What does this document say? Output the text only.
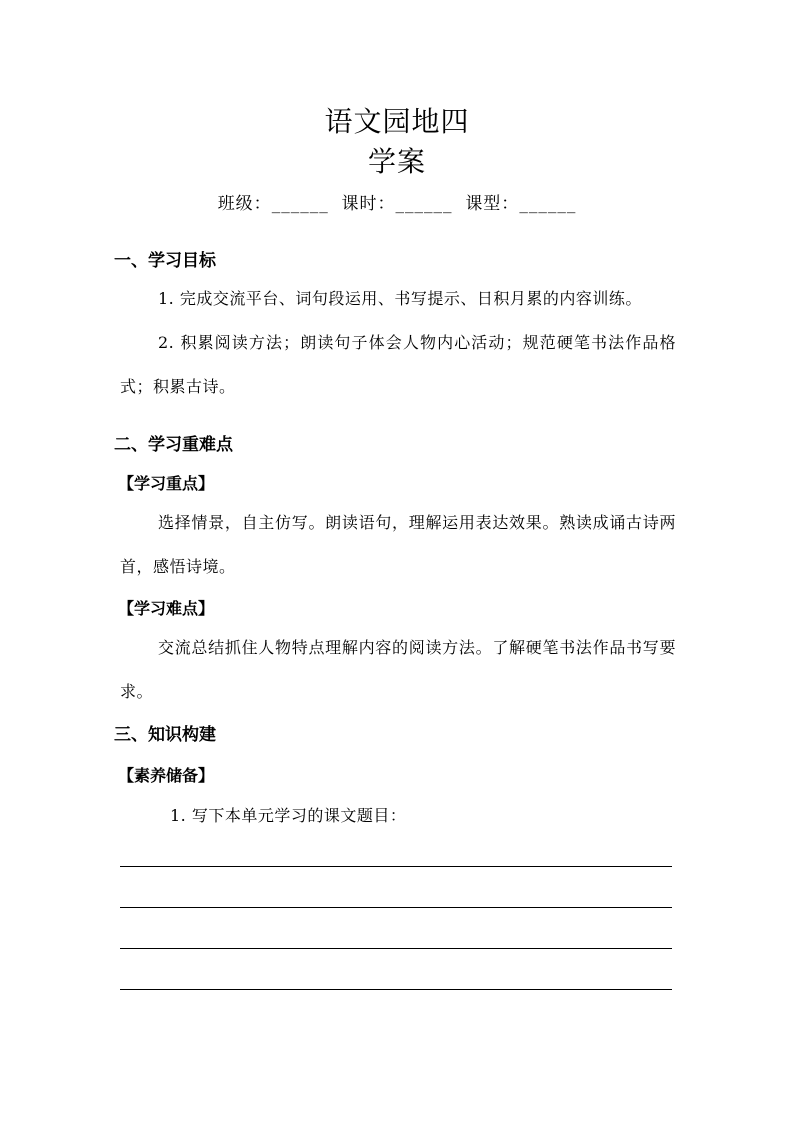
语文园地四
学案
班级：______ 课时：______ 课型：______
一、学习目标
1. 完成交流平台、词句段运用、书写提示、日积月累的内容训练。
2. 积累阅读方法；朗读句子体会人物内心活动；规范硬笔书法作品格式；积累古诗。
二、学习重难点
【学习重点】
选择情景，自主仿写。朗读语句，理解运用表达效果。熟读成诵古诗两首，感悟诗境。
【学习难点】
交流总结抓住人物特点理解内容的阅读方法。了解硬笔书法作品书写要求。
三、知识构建
【素养储备】
1. 写下本单元学习的课文题目：
